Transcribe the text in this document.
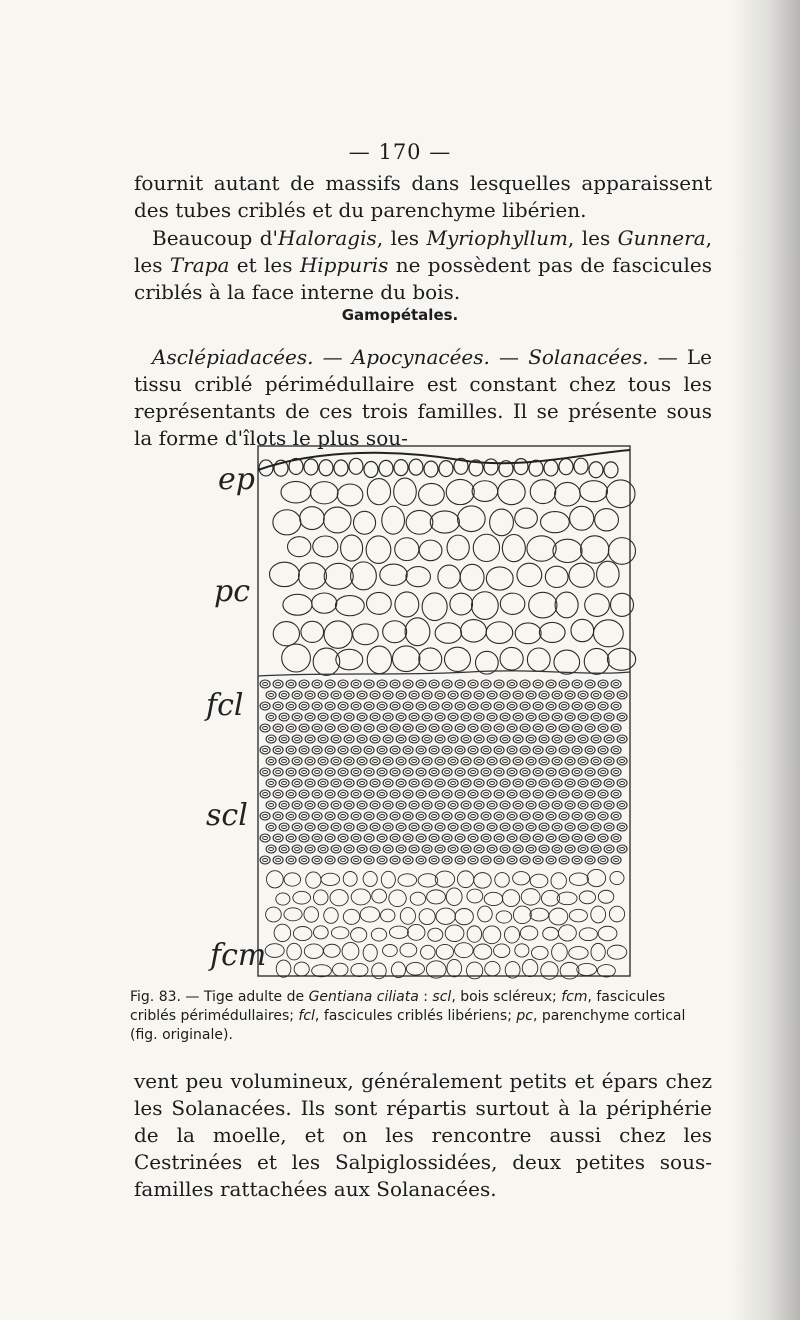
— 170 —

fournit autant de massifs dans lesquelles apparaissent des tubes criblés et du parenchyme libérien.

Beaucoup d'Haloragis, les Myriophyllum, les Gunnera, les Trapa et les Hippuris ne possèdent pas de fascicules criblés à la face interne du bois.

Gamopétales.

Asclépiadacées. — Apocynacées. — Solanacées. — Le tissu criblé périmédullaire est constant chez tous les représentants de ces trois familles. Il se présente sous la forme d'îlots le plus sou-

ep
pc
fcl
scl
fcm
Fig. 83. — Tige adulte de Gentiana ciliata : scl, bois scléreux; fcm, fascicules criblés périmédullaires; fcl, fascicules criblés libériens; pc, parenchyme cortical (fig. originale).

vent peu volumineux, généralement petits et épars chez les Solanacées. Ils sont répartis surtout à la périphérie de la moelle, et on les rencontre aussi chez les Cestrinées et les Salpiglossidées, deux petites sous-familles rattachées aux Solanacées.
